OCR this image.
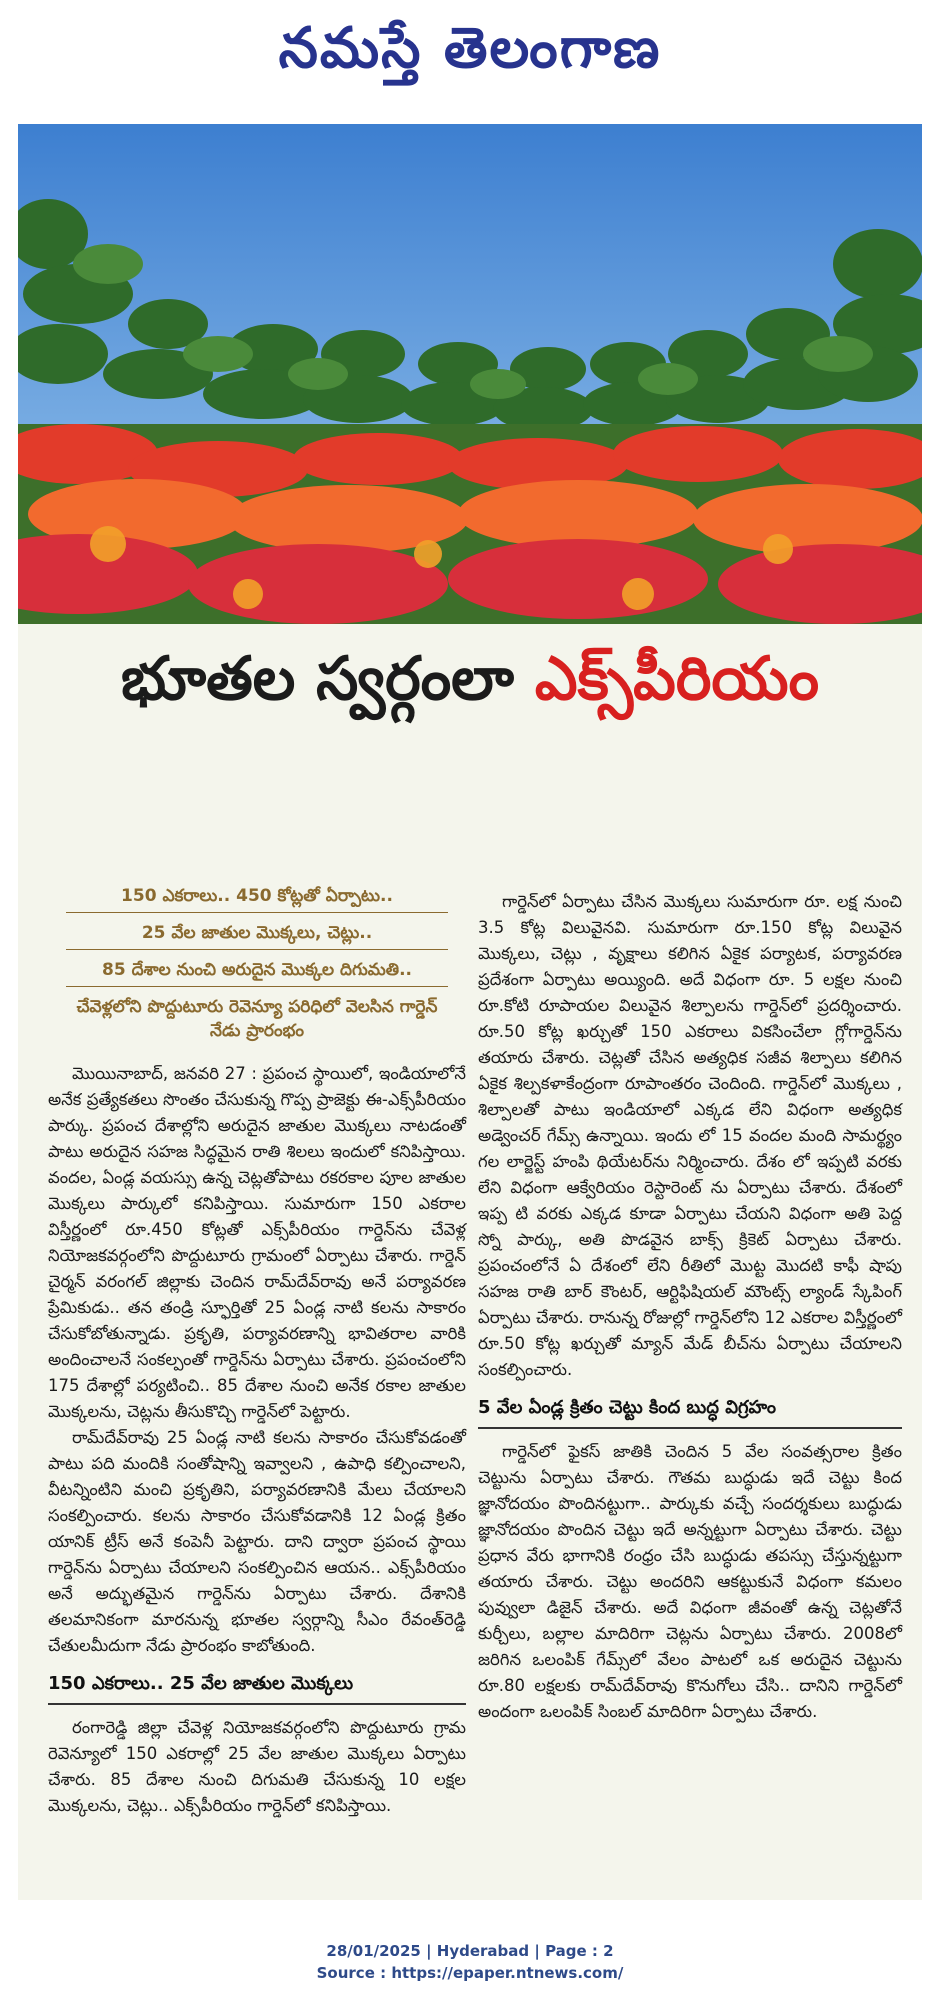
నమస్తే తెలంగాణ
భూతల స్వర్గంలా ఎక్స్‌పీరియం
150 ఎకరాలు.. 450 కోట్లతో ఏర్పాటు..
25 వేల జాతుల మొక్కలు, చెట్లు..
85 దేశాల నుంచి అరుదైన మొక్కల దిగుమతి..
చేవెళ్లలోని పొద్దుటూరు రెవెన్యూ పరిధిలో వెలసిన గార్డెన్ నేడు ప్రారంభం

మొయినాబాద్, జనవరి 27 : ప్రపంచ స్థాయిలో, ఇండియాలోనే అనేక ప్రత్యేకతలు సొంతం చేసుకున్న గొప్ప ప్రాజెక్టు ఈ-ఎక్స్‌పీరియం పార్కు. ప్రపంచ దేశాల్లోని అరుదైన జాతుల మొక్కలు నాటడంతో పాటు అరుదైన సహజ సిద్ధమైన రాతి శిలలు ఇందులో కనిపిస్తాయి. వందల, ఏండ్ల వయస్సు ఉన్న చెట్లతోపాటు రకరకాల పూల జాతుల మొక్కలు పార్కులో కనిపిస్తాయి. సుమారుగా 150 ఎకరాల విస్తీర్ణంలో రూ.450 కోట్లతో ఎక్స్‌పీరియం గార్డెన్‌ను చేవెళ్ల నియోజకవర్గంలోని పొద్దుటూరు గ్రామంలో ఏర్పాటు చేశారు. గార్డెన్ చైర్మన్ వరంగల్ జిల్లాకు చెందిన రామ్‌దేవ్‌రావు అనే పర్యావరణ ప్రేమికుడు.. తన తండ్రి స్ఫూర్తితో 25 ఏండ్ల నాటి కలను సాకారం చేసుకోబోతున్నాడు. ప్రకృతి, పర్యావరణాన్ని భావితరాల వారికి అందించాలనే సంకల్పంతో గార్డెన్‌ను ఏర్పాటు చేశారు. ప్రపంచంలోని 175 దేశాల్లో పర్యటించి.. 85 దేశాల నుంచి అనేక రకాల జాతుల మొక్కలను, చెట్లను తీసుకొచ్చి గార్డెన్‌లో పెట్టారు.

రామ్‌దేవ్‌రావు 25 ఏండ్ల నాటి కలను సాకారం చేసుకోవడంతో పాటు పది మందికి సంతోషాన్ని ఇవ్వాలని , ఉపాధి కల్పించాలని, వీటన్నింటిని మంచి ప్రకృతిని, పర్యావరణానికి మేలు చేయాలని సంకల్పించారు. కలను సాకారం చేసుకోవడానికి 12 ఏండ్ల క్రితం యానిక్ ట్రీస్ అనే కంపెనీ పెట్టారు. దాని ద్వారా ప్రపంచ స్థాయి గార్డెన్‌ను ఏర్పాటు చేయాలని సంకల్పించిన ఆయన.. ఎక్స్‌పీరియం అనే అద్భుతమైన గార్డెన్‌ను ఏర్పాటు చేశారు. దేశానికి తలమానికంగా మారనున్న భూతల స్వర్గాన్ని సీఎం రేవంత్‌రెడ్డి చేతులమీదుగా నేడు ప్రారంభం కాబోతుంది.

150 ఎకరాలు.. 25 వేల జాతుల మొక్కలు

రంగారెడ్డి జిల్లా చేవెళ్ల నియోజకవర్గంలోని పొద్దుటూరు గ్రామ రెవెన్యూలో 150 ఎకరాల్లో 25 వేల జాతుల మొక్కలు ఏర్పాటు చేశారు. 85 దేశాల నుంచి దిగుమతి చేసుకున్న 10 లక్షల మొక్కలను, చెట్లు.. ఎక్స్‌పీరియం గార్డెన్‌లో కనిపిస్తాయి.

గార్డెన్‌లో ఏర్పాటు చేసిన మొక్కలు సుమారుగా రూ. లక్ష నుంచి 3.5 కోట్ల విలువైనవి. సుమారుగా రూ.150 కోట్ల విలువైన మొక్కలు, చెట్లు , వృక్షాలు కలిగిన ఏకైక పర్యాటక, పర్యావరణ ప్రదేశంగా ఏర్పాటు అయ్యింది. అదే విధంగా రూ. 5 లక్షల నుంచి రూ.కోటి రూపాయల విలువైన శిల్పాలను గార్డెన్‌లో ప్రదర్శించారు. రూ.50 కోట్ల ఖర్చుతో 150 ఎకరాలు వికసించేలా గ్లోగార్డెన్‌ను తయారు చేశారు. చెట్లతో చేసిన అత్యధిక సజీవ శిల్పాలు కలిగిన ఏకైక శిల్పకళాకేంద్రంగా రూపాంతరం చెందింది. గార్డెన్‌లో మొక్కలు , శిల్పాలతో పాటు ఇండియాలో ఎక్కడ లేని విధంగా అత్యధిక అడ్వెంచర్ గేమ్స్ ఉన్నాయి. ఇందు లో 15 వందల మంది సామర్థ్యం గల లార్జెస్ట్ హంపి థియేటర్‌ను నిర్మించారు. దేశం లో ఇప్పటి వరకు లేని విధంగా ఆక్వేరియం రెస్టారెంట్ ను ఏర్పాటు చేశారు. దేశంలో ఇప్ప టి వరకు ఎక్కడ కూడా ఏర్పాటు చేయని విధంగా అతి పెద్ద స్నో పార్కు, అతి పొడవైన బాక్స్ క్రికెట్ ఏర్పాటు చేశారు. ప్రపంచంలోనే ఏ దేశంలో లేని రీతిలో మొట్ట మొదటి కాఫీ షాపు సహజ రాతి బార్ కౌంటర్, ఆర్టిఫిషియల్ మౌంట్స్ ల్యాండ్ స్కేపింగ్ ఏర్పాటు చేశారు. రానున్న రోజుల్లో గార్డెన్‌లోని 12 ఎకరాల విస్తీర్ణంలో రూ.50 కోట్ల ఖర్చుతో మ్యాన్ మేడ్ బీచ్‌ను ఏర్పాటు చేయాలని సంకల్పించారు.

5 వేల ఏండ్ల క్రితం చెట్టు కింద బుద్ధ విగ్రహం

గార్డెన్‌లో ఫైకస్ జాతికి చెందిన 5 వేల సంవత్సరాల క్రితం చెట్టును ఏర్పాటు చేశారు. గౌతమ బుద్ధుడు ఇదే చెట్టు కింద జ్ఞానోదయం పొందినట్టుగా.. పార్కుకు వచ్చే సందర్శకులు బుద్ధుడు జ్ఞానోదయం పొందిన చెట్టు ఇదే అన్నట్టుగా ఏర్పాటు చేశారు. చెట్టు ప్రధాన వేరు భాగానికి రంధ్రం చేసి బుద్ధుడు తపస్సు చేస్తున్నట్టుగా తయారు చేశారు. చెట్టు అందరిని ఆకట్టుకునే విధంగా కమలం పువ్వులా డిజైన్ చేశారు. అదే విధంగా జీవంతో ఉన్న చెట్లతోనే కుర్చీలు, బల్లాల మాదిరిగా చెట్లను ఏర్పాటు చేశారు. 2008లో జరిగిన ఒలంపిక్ గేమ్స్‌లో వేలం పాటలో ఒక అరుదైన చెట్టును రూ.80 లక్షలకు రామ్‌దేవ్‌రావు కొనుగోలు చేసి.. దానిని గార్డెన్‌లో అందంగా ఒలంపిక్ సింబల్ మాదిరిగా ఏర్పాటు చేశారు.

28/01/2025 | Hyderabad | Page : 2
Source : https://epaper.ntnews.com/
